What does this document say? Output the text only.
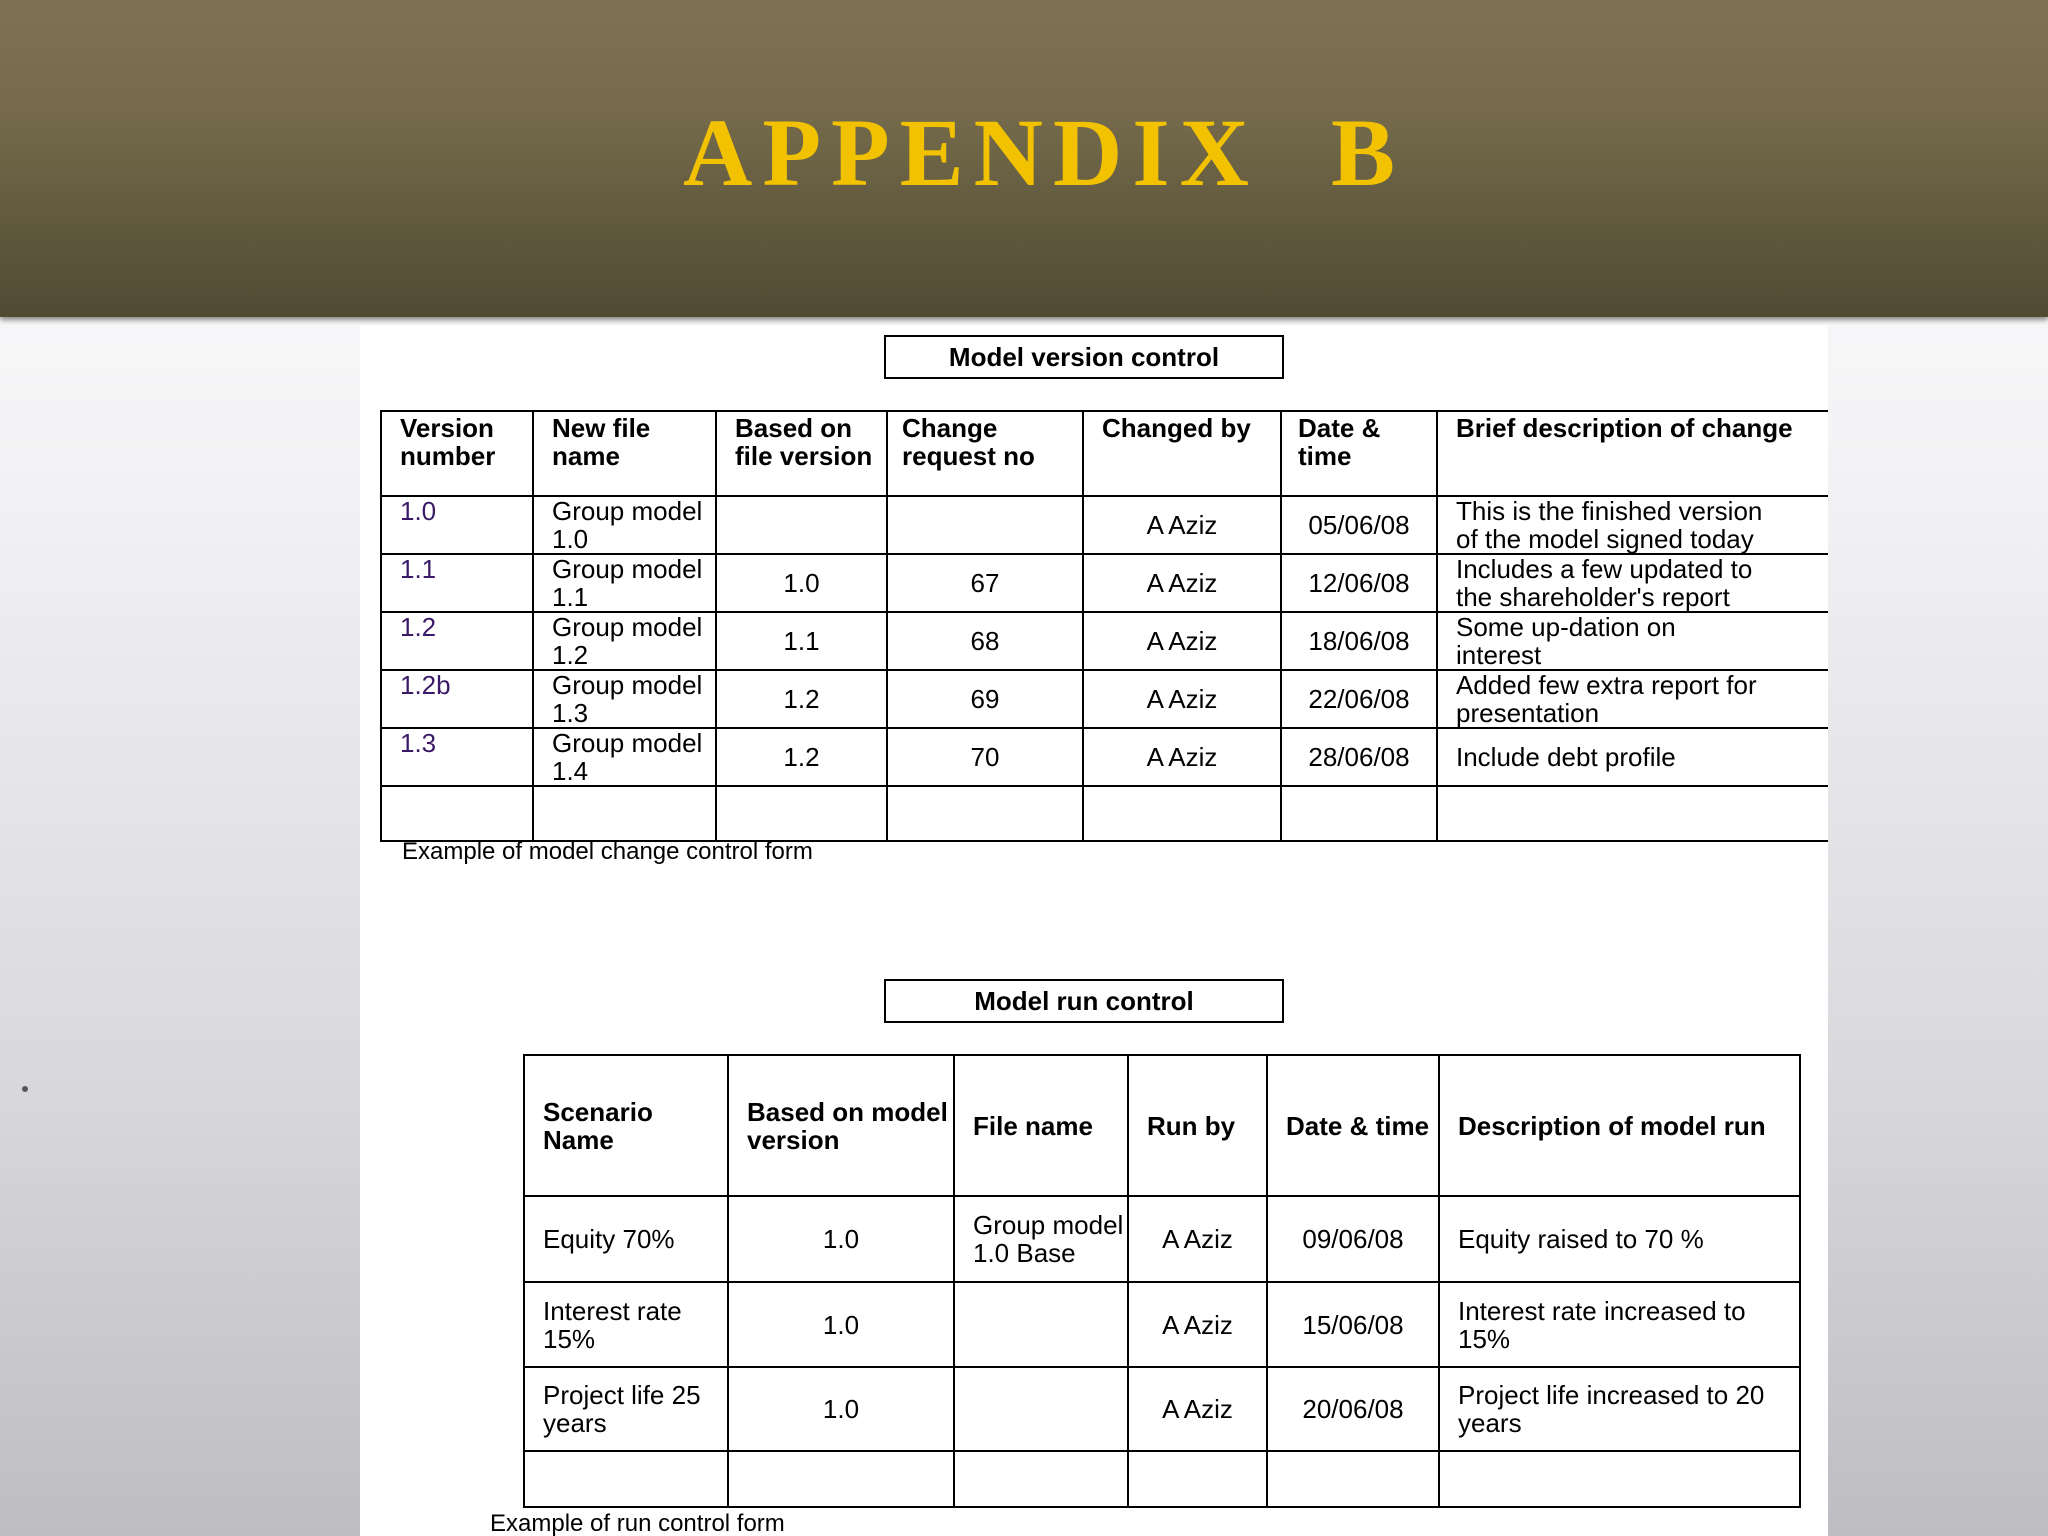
APPENDIX B
Model version control
Version number	New file name	Based on file version	Change request no	Changed by	Date & time	Brief description of change
1.0	Group model 1.0			A Aziz	05/06/08	This is the finished version
of the model signed today
1.1	Group model 1.1	1.0	67	A Aziz	12/06/08	Includes a few updated to
the shareholder's report
1.2	Group model 1.2	1.1	68	A Aziz	18/06/08	Some up-dation on
interest
1.2b	Group model 1.3	1.2	69	A Aziz	22/06/08	Added few extra report for
presentation
1.3	Group model 1.4	1.2	70	A Aziz	28/06/08	Include debt profile

Example of model change control form
Model run control
Scenario Name	Based on model version	File name	Run by	Date & time	Description of model run
Equity 70%	1.0	Group model 1.0 Base	A Aziz	09/06/08	Equity raised to 70 %
Interest rate 15%	1.0		A Aziz	15/06/08	Interest rate increased to 15%
Project life 25 years	1.0		A Aziz	20/06/08	Project life increased to 20 years

Example of run control form
